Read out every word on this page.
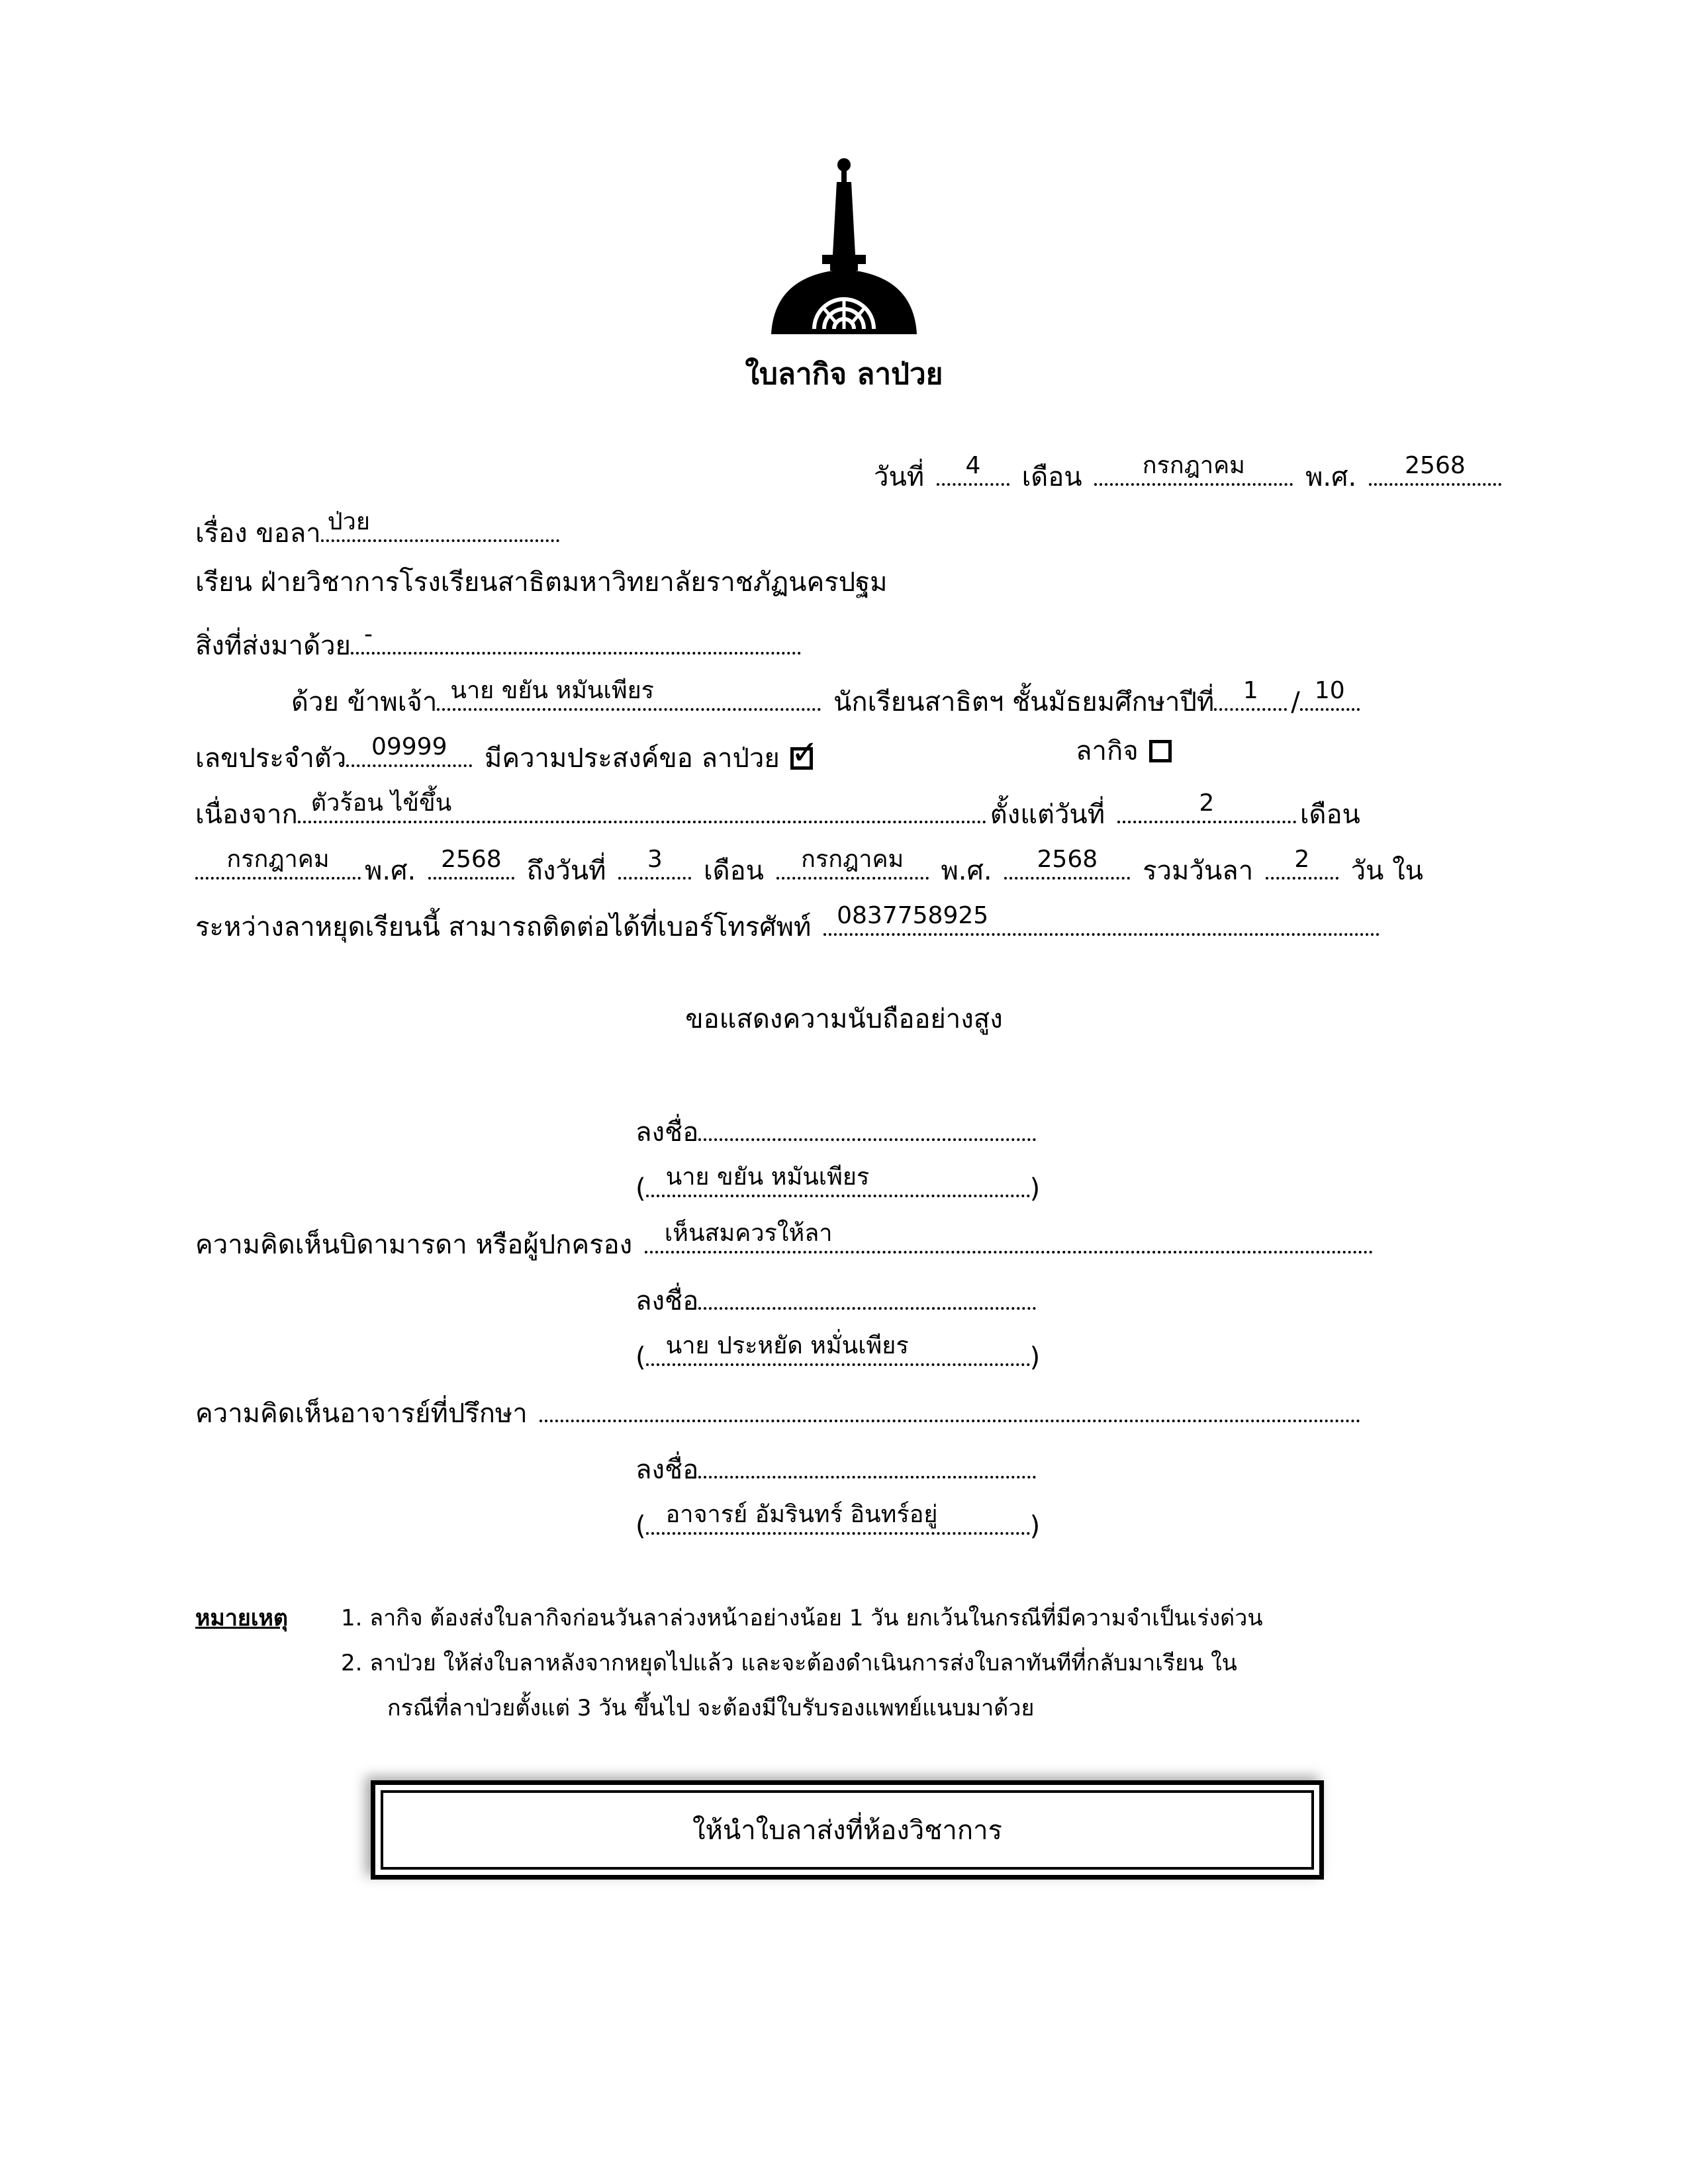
ใบลากิจ ลาป่วย
วันที่	4	เดือน	กรกฎาคม	พ.ศ.	2568
เรื่อง ขอลา ป่วย
เรียน ฝ่ายวิชาการโรงเรียนสาธิตมหาวิทยาลัยราชภัฏนครปฐม
สิ่งที่ส่งมาด้วย -
ด้วย ข้าพเจ้า นาย ขยัน หมันเพียร	นักเรียนสาธิตฯ ชั้นมัธยมศึกษาปีที่	1	/ 10
เลขประจำตัว	09999	มีความประสงค์ขอ ลาป่วย ✓	ลากิจ
เนื่องจาก ตัวร้อน ไข้ขึ้น	ตั้งแต่วันที่	2	เดือน
กรกฎาคม	พ.ศ.	2568 ถึงวันที่	3	เดือน	กรกฎาคม	พ.ศ.	2568	รวมวันลา	2	วัน ใน
ระหว่างลาหยุดเรียนนี้ สามารถติดต่อได้ที่เบอร์โทรศัพท์	0837758925
ขอแสดงความนับถืออย่างสูง
ลงชื่อ
( นาย ขยัน หมันเพียร	)
ความคิดเห็นบิดามารดา หรือผู้ปกครอง	เห็นสมควรให้ลา
ลงชื่อ
( นาย ประหยัด หมั่นเพียร	)
ความคิดเห็นอาจารย์ที่ปรึกษา
ลงชื่อ
( อาจารย์ อัมรินทร์ อินทร์อยู่	)
หมายเหตุ 1. ลากิจ ต้องส่งใบลากิจก่อนวันลาล่วงหน้าอย่างน้อย 1 วัน ยกเว้นในกรณีที่มีความจำเป็นเร่งด่วน
2. ลาป่วย ให้ส่งใบลาหลังจากหยุดไปแล้ว และจะต้องดำเนินการส่งใบลาทันทีที่กลับมาเรียน ใน
กรณีที่ลาป่วยตั้งแต่ 3 วัน ขึ้นไป จะต้องมีใบรับรองแพทย์แนบมาด้วย
ให้นำใบลาส่งที่ห้องวิชาการ
